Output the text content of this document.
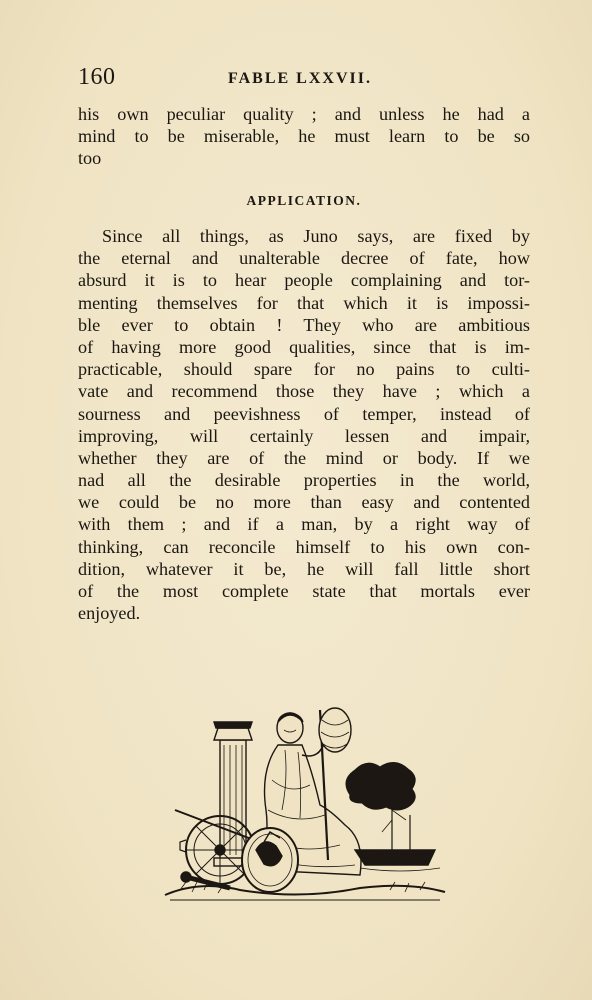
160	FABLE LXXVII.
his own peculiar quality ; and unless he had a
mind to be miserable, he must learn to be so
too
APPLICATION.
Since all things, as Juno says, are fixed by
the eternal and unalterable decree of fate, how
absurd it is to hear people complaining and tor-
menting themselves for that which it is impossi-
ble ever to obtain ! They who are ambitious
of having more good qualities, since that is im-
practicable, should spare for no pains to culti-
vate and recommend those they have ; which a
sourness and peevishness of temper, instead of
improving, will certainly lessen and impair,
whether they are of the mind or body. If we
nad all the desirable properties in the world,
we could be no more than easy and contented
with them ; and if a man, by a right way of
thinking, can reconcile himself to his own con-
dition, whatever it be, he will fall little short
of the most complete state that mortals ever
enjoyed.
